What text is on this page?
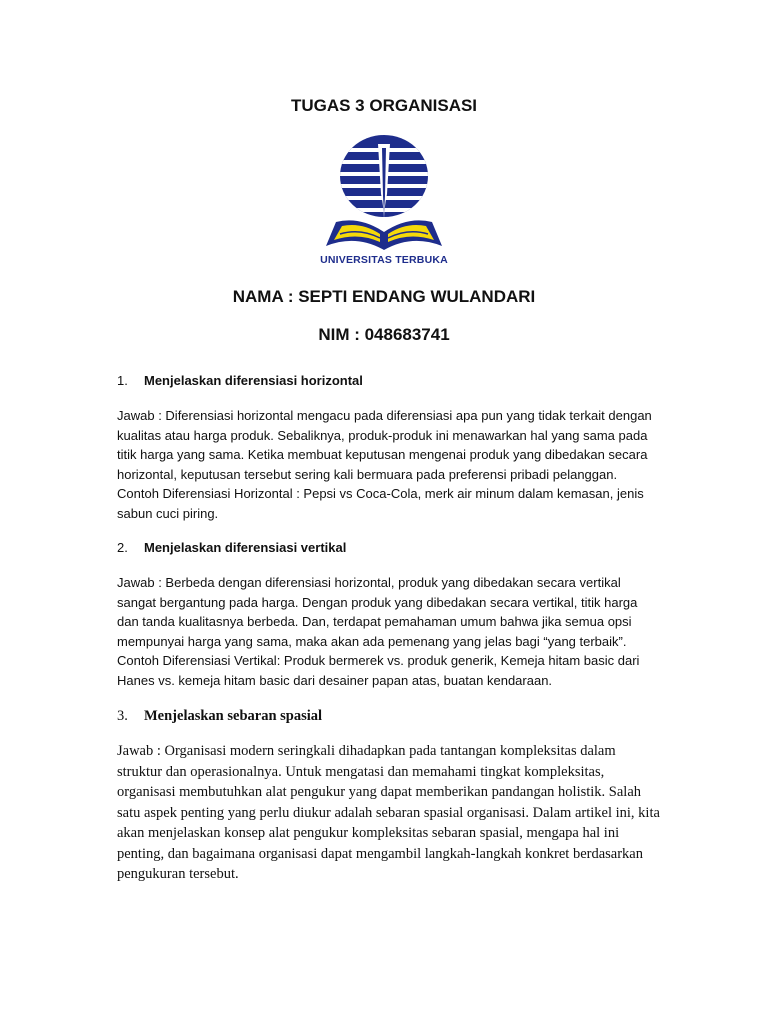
TUGAS 3 ORGANISASI
UNIVERSITAS TERBUKA
NAMA : SEPTI ENDANG WULANDARI
NIM : 048683741
1. Menjelaskan diferensiasi horizontal

Jawab : Diferensiasi horizontal mengacu pada diferensiasi apa pun yang tidak terkait dengan kualitas atau harga produk. Sebaliknya, produk-produk ini menawarkan hal yang sama pada titik harga yang sama. Ketika membuat keputusan mengenai produk yang dibedakan secara horizontal, keputusan tersebut sering kali bermuara pada preferensi pribadi pelanggan. Contoh Diferensiasi Horizontal : Pepsi vs Coca-Cola, merk air minum dalam kemasan, jenis sabun cuci piring.

2. Menjelaskan diferensiasi vertikal

Jawab : Berbeda dengan diferensiasi horizontal, produk yang dibedakan secara vertikal sangat bergantung pada harga. Dengan produk yang dibedakan secara vertikal, titik harga dan tanda kualitasnya berbeda. Dan, terdapat pemahaman umum bahwa jika semua opsi mempunyai harga yang sama, maka akan ada pemenang yang jelas bagi “yang terbaik”. Contoh Diferensiasi Vertikal: Produk bermerek vs. produk generik, Kemeja hitam basic dari Hanes vs. kemeja hitam basic dari desainer papan atas, buatan kendaraan.

3. Menjelaskan sebaran spasial

Jawab : Organisasi modern seringkali dihadapkan pada tantangan kompleksitas dalam struktur dan operasionalnya. Untuk mengatasi dan memahami tingkat kompleksitas, organisasi membutuhkan alat pengukur yang dapat memberikan pandangan holistik. Salah satu aspek penting yang perlu diukur adalah sebaran spasial organisasi. Dalam artikel ini, kita akan menjelaskan konsep alat pengukur kompleksitas sebaran spasial, mengapa hal ini penting, dan bagaimana organisasi dapat mengambil langkah-langkah konkret berdasarkan pengukuran tersebut.
